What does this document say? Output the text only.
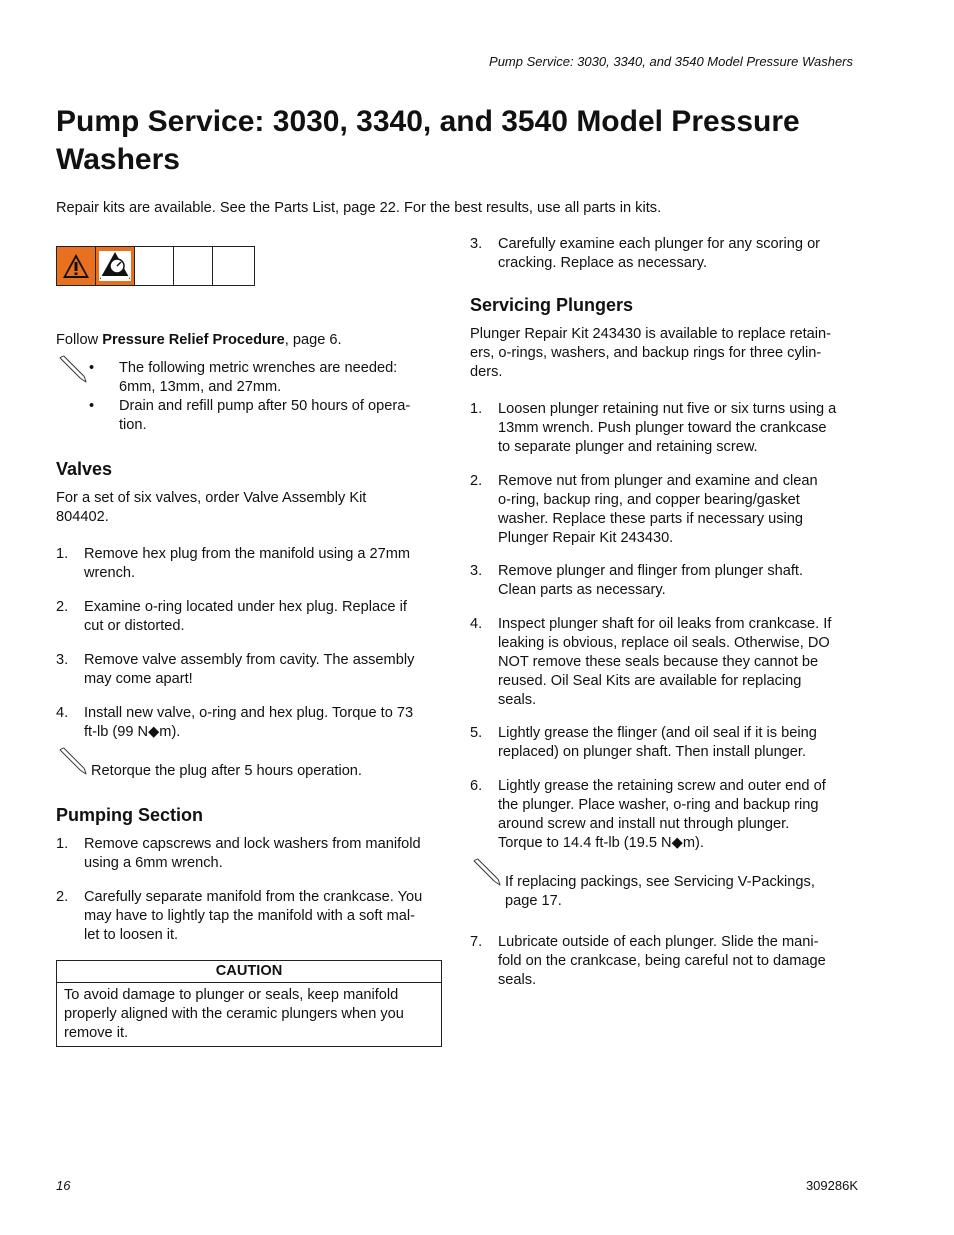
Pump Service: 3030, 3340, and 3540 Model Pressure Washers
Pump Service: 3030, 3340, and 3540 Model Pressure Washers
Repair kits are available. See the Parts List, page 22. For the best results, use all parts in kits.
Follow Pressure Relief Procedure, page 6.
• The following metric wrenches are needed:
6mm, 13mm, and 27mm.
• Drain and refill pump after 50 hours of opera-
tion.
Valves
For a set of six valves, order Valve Assembly Kit
804402.
1. Remove hex plug from the manifold using a 27mm
wrench.
2. Examine o-ring located under hex plug. Replace if
cut or distorted.
3. Remove valve assembly from cavity. The assembly
may come apart!
4. Install new valve, o-ring and hex plug. Torque to 73
ft-lb (99 N◆m).
Retorque the plug after 5 hours operation.
Pumping Section
1. Remove capscrews and lock washers from manifold
using a 6mm wrench.
2. Carefully separate manifold from the crankcase. You
may have to lightly tap the manifold with a soft mal-
let to loosen it.
CAUTION
To avoid damage to plunger or seals, keep manifold
properly aligned with the ceramic plungers when you
remove it.
3. Carefully examine each plunger for any scoring or
cracking. Replace as necessary.
Servicing Plungers
Plunger Repair Kit 243430 is available to replace retain-
ers, o-rings, washers, and backup rings for three cylin-
ders.
1. Loosen plunger retaining nut five or six turns using a
13mm wrench. Push plunger toward the crankcase
to separate plunger and retaining screw.
2. Remove nut from plunger and examine and clean
o-ring, backup ring, and copper bearing/gasket
washer. Replace these parts if necessary using
Plunger Repair Kit 243430.
3. Remove plunger and flinger from plunger shaft.
Clean parts as necessary.
4. Inspect plunger shaft for oil leaks from crankcase. If
leaking is obvious, replace oil seals. Otherwise, DO
NOT remove these seals because they cannot be
reused. Oil Seal Kits are available for replacing
seals.
5. Lightly grease the flinger (and oil seal if it is being
replaced) on plunger shaft. Then install plunger.
6. Lightly grease the retaining screw and outer end of
the plunger. Place washer, o-ring and backup ring
around screw and install nut through plunger.
Torque to 14.4 ft-lb (19.5 N◆m).
If replacing packings, see Servicing V-Packings,
page 17.
7. Lubricate outside of each plunger. Slide the mani-
fold on the crankcase, being careful not to damage
seals.
16	309286K
